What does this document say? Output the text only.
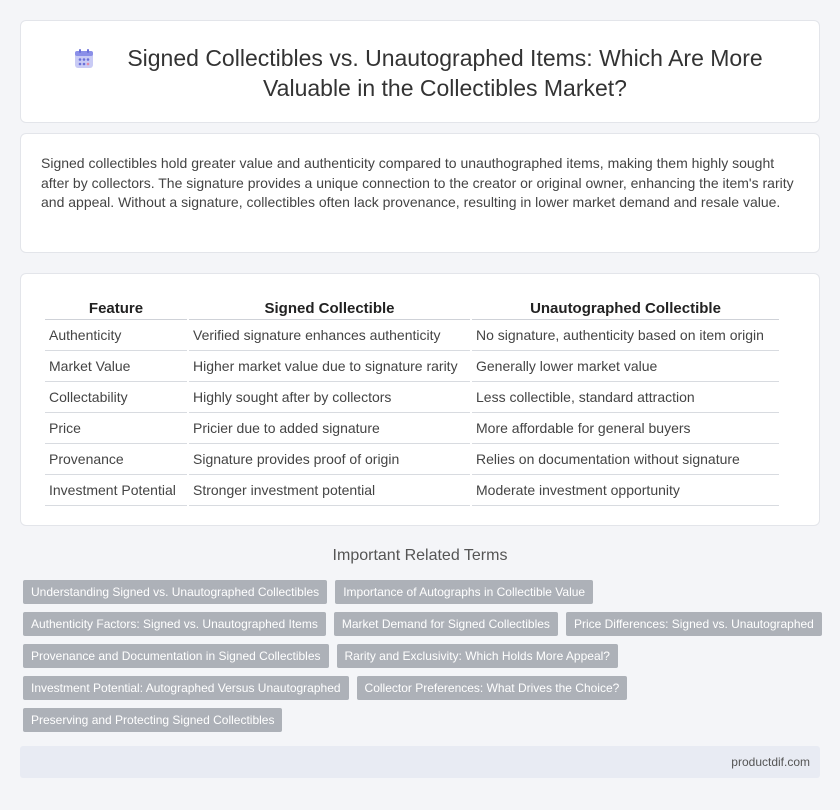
Signed Collectibles vs. Unautographed Items: Which Are More Valuable in the Collectibles Market?

Signed collectibles hold greater value and authenticity compared to unauthographed items, making them highly sought after by collectors. The signature provides a unique connection to the creator or original owner, enhancing the item's rarity and appeal. Without a signature, collectibles often lack provenance, resulting in lower market demand and resale value.

Feature	Signed Collectible	Unautographed Collectible
Authenticity	Verified signature enhances authenticity	No signature, authenticity based on item origin
Market Value	Higher market value due to signature rarity	Generally lower market value
Collectability	Highly sought after by collectors	Less collectible, standard attraction
Price	Pricier due to added signature	More affordable for general buyers
Provenance	Signature provides proof of origin	Relies on documentation without signature
Investment Potential	Stronger investment potential	Moderate investment opportunity
Important Related Terms
Understanding Signed vs. Unautographed Collectibles	Importance of Autographs in Collectible Value
Authenticity Factors: Signed vs. Unautographed Items	Market Demand for Signed Collectibles	Price Differences: Signed vs. Unautographed
Provenance and Documentation in Signed Collectibles	Rarity and Exclusivity: Which Holds More Appeal?
Investment Potential: Autographed Versus Unautographed	Collector Preferences: What Drives the Choice?
Preserving and Protecting Signed Collectibles
productdif.com
